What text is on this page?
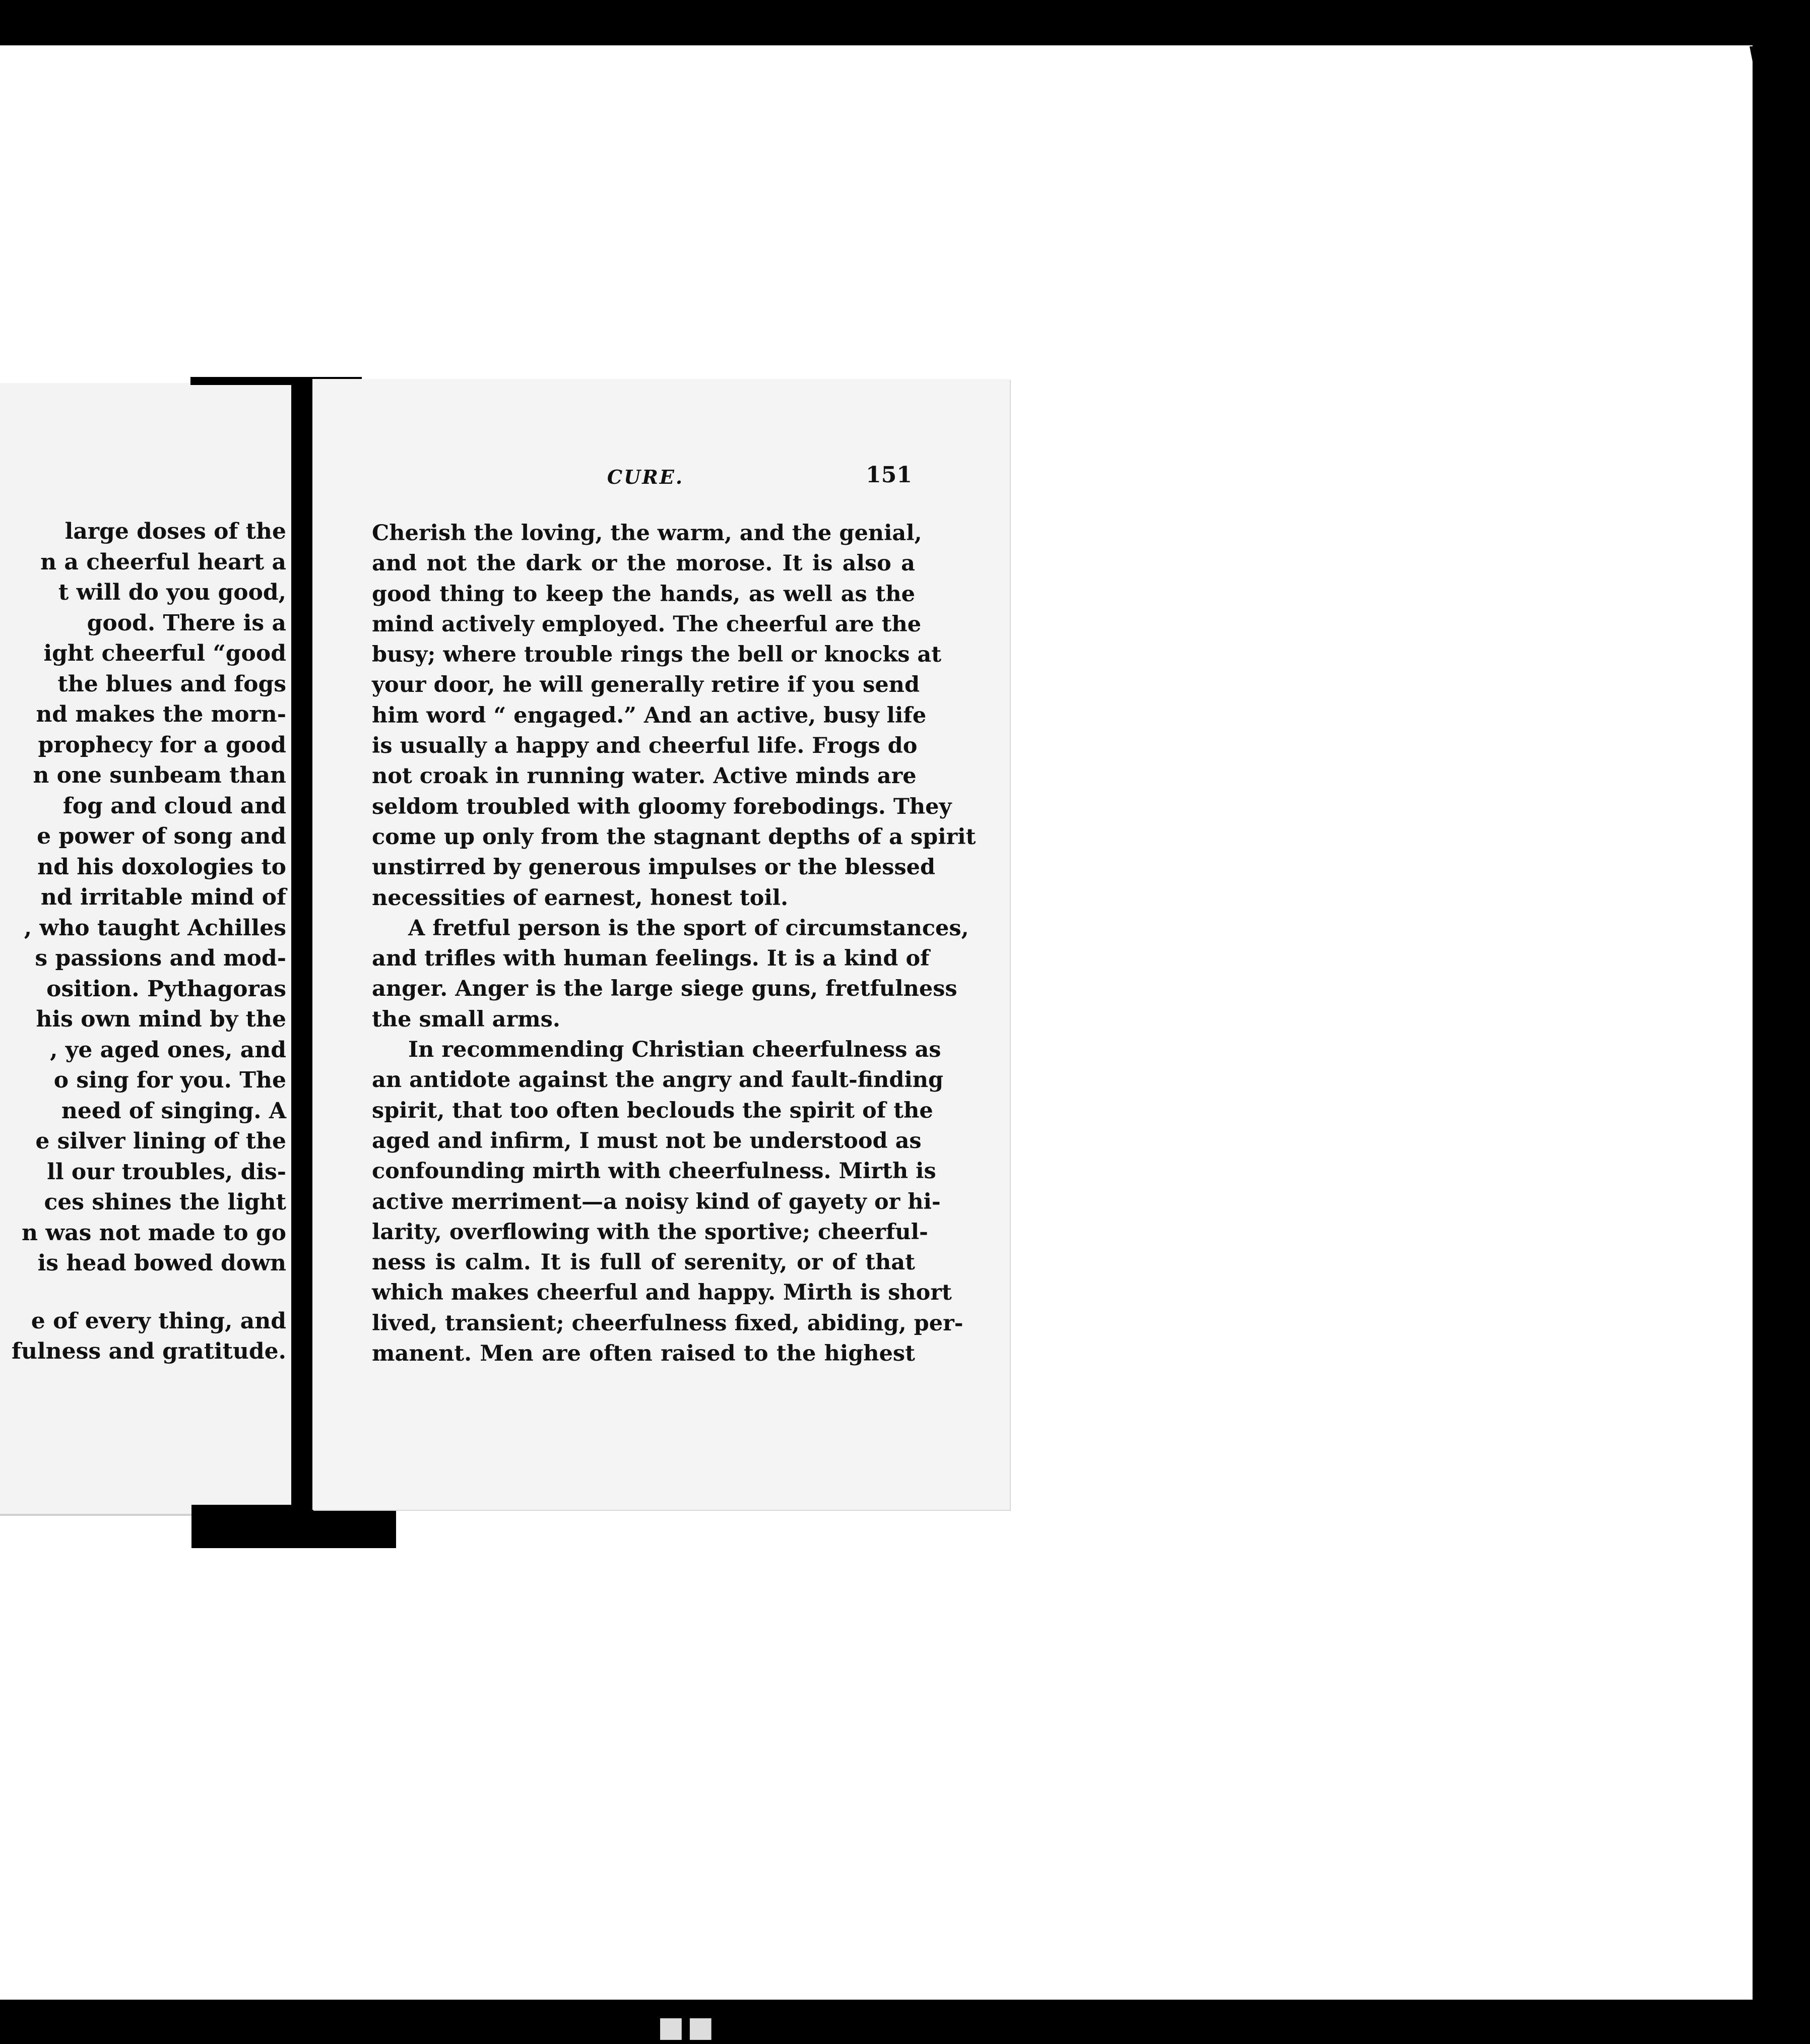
large doses of the
n a cheerful heart a
t will do you good,
good. There is a
ight cheerful “good
the blues and fogs
nd makes the morn-
prophecy for a good
n one sunbeam than
fog and cloud and
e power of song and
nd his doxologies to
nd irritable mind of
, who taught Achilles
s passions and mod-
osition. Pythagoras
his own mind by the
, ye aged ones, and
o sing for you. The
need of singing. A
e silver lining of the
ll our troubles, dis-
ces shines the light
n was not made to go
is head bowed down
e of every thing, and
fulness and gratitude.
CURE.	151
Cherish the loving, the warm, and the genial,
and not the dark or the morose. It is also a
good thing to keep the hands, as well as the
mind actively employed. The cheerful are the
busy; where trouble rings the bell or knocks at
your door, he will generally retire if you send
him word “ engaged.” And an active, busy life
is usually a happy and cheerful life. Frogs do
not croak in running water. Active minds are
seldom troubled with gloomy forebodings. They
come up only from the stagnant depths of a spirit
unstirred by generous impulses or the blessed
necessities of earnest, honest toil.
A fretful person is the sport of circumstances,
and trifles with human feelings. It is a kind of
anger. Anger is the large siege guns, fretfulness
the small arms.
In recommending Christian cheerfulness as
an antidote against the angry and fault-finding
spirit, that too often beclouds the spirit of the
aged and infirm, I must not be understood as
confounding mirth with cheerfulness. Mirth is
active merriment—a noisy kind of gayety or hi-
larity, overflowing with the sportive; cheerful-
ness is calm. It is full of serenity, or of that
which makes cheerful and happy. Mirth is short
lived, transient; cheerfulness fixed, abiding, per-
manent. Men are often raised to the highest
■■
